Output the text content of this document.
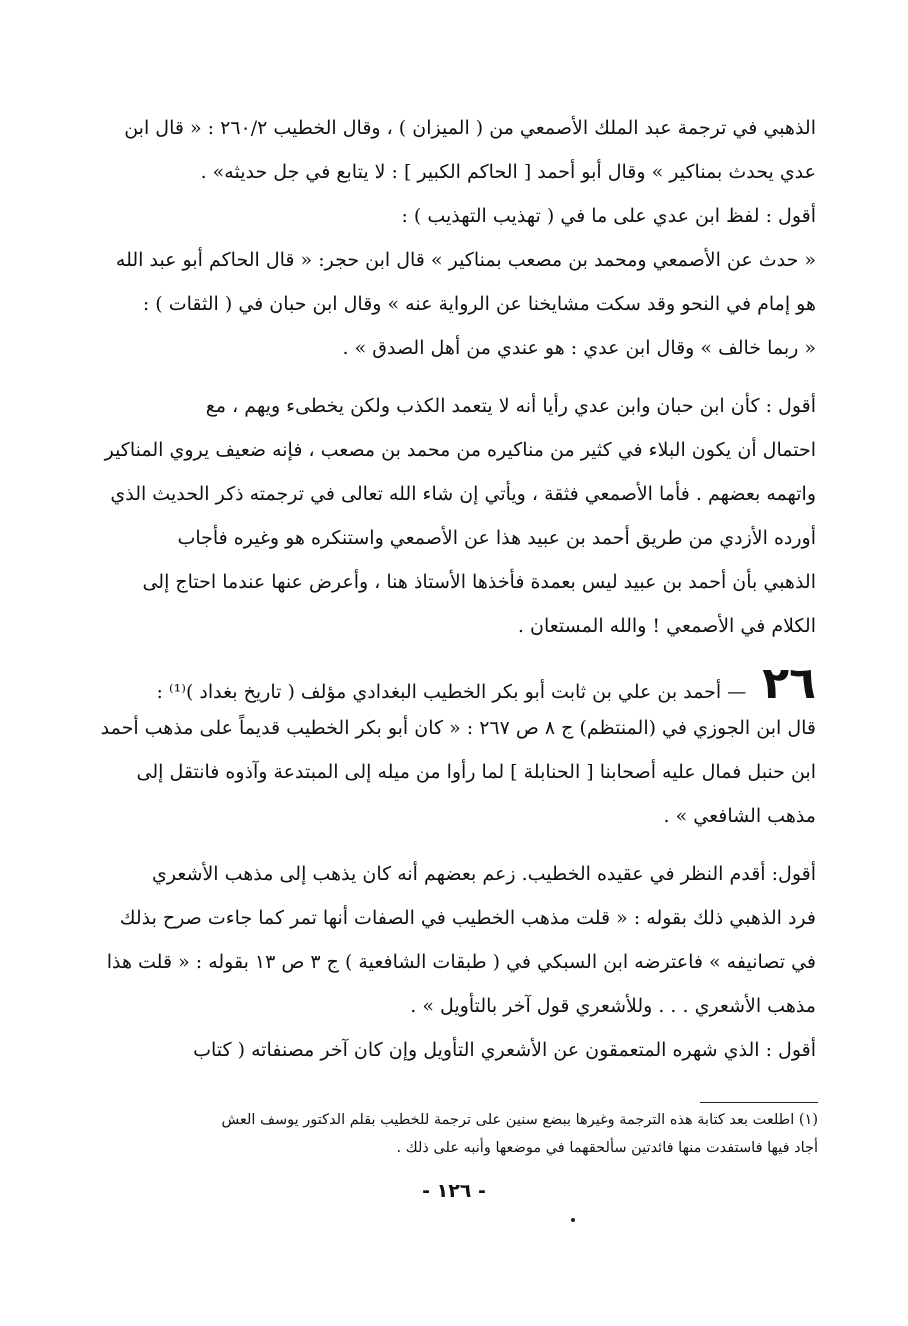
الذهبي في ترجمة عبد الملك الأصمعي من ( الميزان ) ، وقال الخطيب ٢٦٠/٢ : « قال ابن
عدي يحدث بمناكير » وقال أبو أحمد [ الحاكم الكبير ] : لا يتابع في جل حديثه» .
أقول : لفظ ابن عدي على ما في ( تهذيب التهذيب ) :
« حدث عن الأصمعي ومحمد بن مصعب بمناكير » قال ابن حجر: « قال الحاكم أبو عبد الله
هو إمام في النحو وقد سكت مشايخنا عن الرواية عنه » وقال ابن حبان في ( الثقات ) :
« ربما خالف » وقال ابن عدي : هو عندي من أهل الصدق » .
أقول : كأن ابن حبان وابن عدي رأيا أنه لا يتعمد الكذب ولكن يخطىء ويهم ، مع
احتمال أن يكون البلاء في كثير من مناكيره من محمد بن مصعب ، فإنه ضعيف يروي المناكير
واتهمه بعضهم . فأما الأصمعي فثقة ، ويأتي إن شاء الله تعالى في ترجمته ذكر الحديث الذي
أورده الأزدي من طريق أحمد بن عبيد هذا عن الأصمعي واستنكره هو وغيره فأجاب
الذهبي بأن أحمد بن عبيد ليس بعمدة فأخذها الأستاذ هنا ، وأعرض عنها عندما احتاج إلى
الكلام في الأصمعي ! والله المستعان .
٢٦ — أحمد بن علي بن ثابت أبو بكر الخطيب البغدادي مؤلف ( تاريخ بغداد )⁽¹⁾ :
قال ابن الجوزي في (المنتظم) ج ٨ ص ٢٦٧ : « كان أبو بكر الخطيب قديماً على مذهب أحمد
ابن حنبل فمال عليه أصحابنا [ الحنابلة ] لما رأوا من ميله إلى المبتدعة وآذوه فانتقل إلى
مذهب الشافعي » .
أقول: أقدم النظر في عقيده الخطيب. زعم بعضهم أنه كان يذهب إلى مذهب الأشعري
فرد الذهبي ذلك بقوله : « قلت مذهب الخطيب في الصفات أنها تمر كما جاءت صرح بذلك
في تصانيفه » فاعترضه ابن السبكي في ( طبقات الشافعية ) ج ٣ ص ١٣ بقوله : « قلت هذا
مذهب الأشعري . . . وللأشعري قول آخر بالتأويل » .
أقول : الذي شهره المتعمقون عن الأشعري التأويل وإن كان آخر مصنفاته ( كتاب
(١) اطلعت بعد كتابة هذه الترجمة وغيرها ببضع سنين على ترجمة للخطيب بقلم الدكتور يوسف العش
أجاد فيها فاستفدت منها فائدتين سألحقهما في موضعها وأنبه على ذلك .
- ١٢٦ -
